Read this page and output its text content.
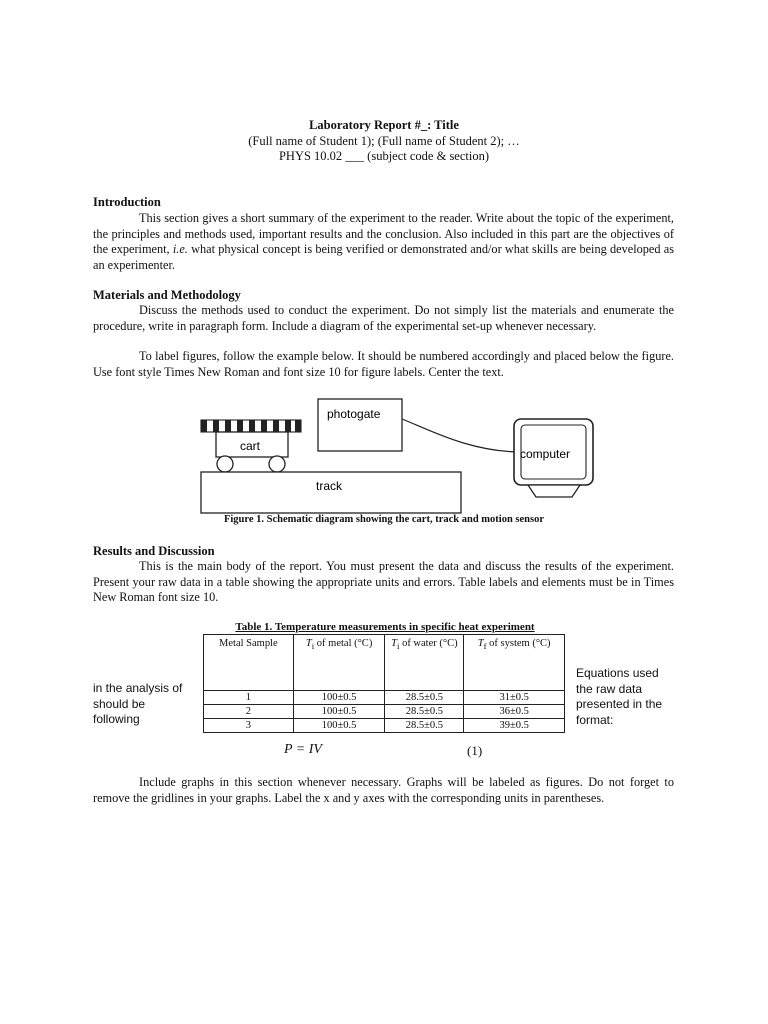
Laboratory Report #_: Title
(Full name of Student 1); (Full name of Student 2); …
PHYS 10.02 ___ (subject code & section)
Introduction

This section gives a short summary of the experiment to the reader. Write about the topic of the experiment, the principles and methods used, important results and the conclusion. Also included in this part are the objectives of the experiment, i.e. what physical concept is being verified or demonstrated and/or what skills are being developed as an experimenter.

Materials and Methodology

Discuss the methods used to conduct the experiment. Do not simply list the materials and enumerate the procedure, write in paragraph form. Include a diagram of the experimental set-up whenever necessary.

To label figures, follow the example below. It should be numbered accordingly and placed below the figure. Use font style Times New Roman and font size 10 for figure labels. Center the text.

photogate
computer
cart
track
Figure 1. Schematic diagram showing the cart, track and motion sensor
Results and Discussion

This is the main body of the report. You must present the data and discuss the results of the experiment. Present your raw data in a table showing the appropriate units and errors. Table labels and elements must be in Times New Roman font size 10.

Table 1. Temperature measurements in specific heat experiment
Metal Sample	$T_i$ of metal (°C)	$T_i$ of water (°C)	$T_f$ of system (°C)
1	100±0.5	28.5±0.5	31±0.5
2	100±0.5	28.5±0.5	36±0.5
3	100±0.5	28.5±0.5	39±0.5
in the analysis of
should be
following
Equations used
the raw data
presented in the
format:
P = IV	(1)

Include graphs in this section whenever necessary. Graphs will be labeled as figures. Do not forget to remove the gridlines in your graphs. Label the x and y axes with the corresponding units in parentheses.
